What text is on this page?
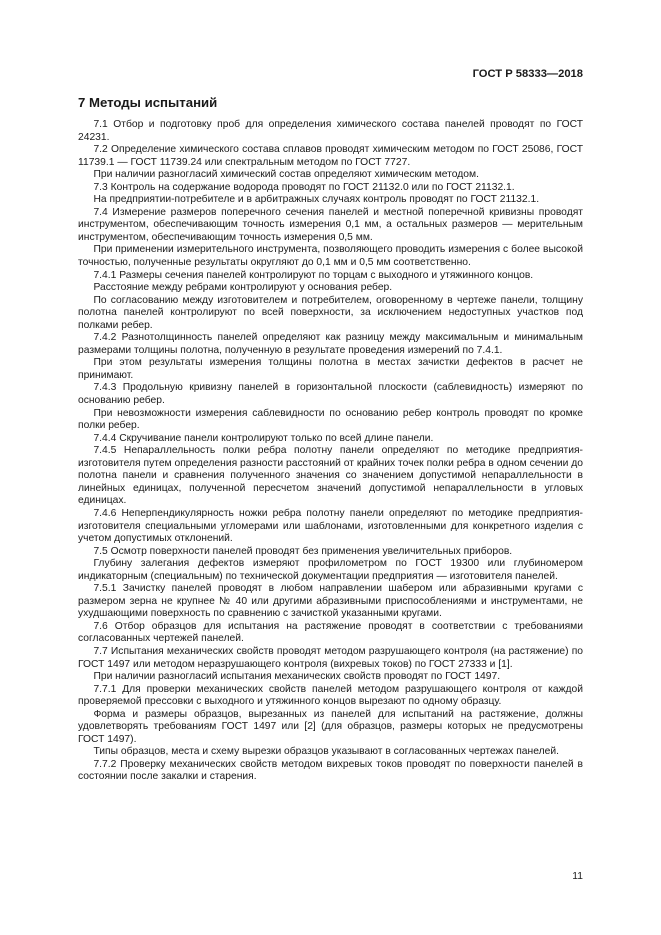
ГОСТ Р 58333—2018
7 Методы испытаний

7.1 Отбор и подготовку проб для определения химического состава панелей проводят по ГОСТ 24231.

7.2 Определение химического состава сплавов проводят химическим методом по ГОСТ 25086, ГОСТ 11739.1 — ГОСТ 11739.24 или спектральным методом по ГОСТ 7727.

При наличии разногласий химический состав определяют химическим методом.

7.3 Контроль на содержание водорода проводят по ГОСТ 21132.0 или по ГОСТ 21132.1.

На предприятии-потребителе и в арбитражных случаях контроль проводят по ГОСТ 21132.1.

7.4 Измерение размеров поперечного сечения панелей и местной поперечной кривизны проводят инструментом, обеспечивающим точность измерения 0,1 мм, а остальных размеров — мерительным инструментом, обеспечивающим точность измерения 0,5 мм.

При применении измерительного инструмента, позволяющего проводить измерения с более высокой точностью, полученные результаты округляют до 0,1 мм и 0,5 мм соответственно.

7.4.1 Размеры сечения панелей контролируют по торцам с выходного и утяжинного концов.

Расстояние между ребрами контролируют у основания ребер.

По согласованию между изготовителем и потребителем, оговоренному в чертеже панели, толщину полотна панелей контролируют по всей поверхности, за исключением недоступных участков под полками ребер.

7.4.2 Разнотолщинность панелей определяют как разницу между максимальным и минимальным размерами толщины полотна, полученную в результате проведения измерений по 7.4.1.

При этом результаты измерения толщины полотна в местах зачистки дефектов в расчет не принимают.

7.4.3 Продольную кривизну панелей в горизонтальной плоскости (саблевидность) измеряют по основанию ребер.

При невозможности измерения саблевидности по основанию ребер контроль проводят по кромке полки ребер.

7.4.4 Скручивание панели контролируют только по всей длине панели.

7.4.5 Непараллельность полки ребра полотну панели определяют по методике предприятия-изготовителя путем определения разности расстояний от крайних точек полки ребра в одном сечении до полотна панели и сравнения полученного значения со значением допустимой непараллельности в линейных единицах, полученной пересчетом значений допустимой непараллельности в угловых единицах.

7.4.6 Неперпендикулярность ножки ребра полотну панели определяют по методике предприятия-изготовителя специальными угломерами или шаблонами, изготовленными для конкретного изделия с учетом допустимых отклонений.

7.5 Осмотр поверхности панелей проводят без применения увеличительных приборов.

Глубину залегания дефектов измеряют профилометром по ГОСТ 19300 или глубиномером индикаторным (специальным) по технической документации предприятия — изготовителя панелей.

7.5.1 Зачистку панелей проводят в любом направлении шабером или абразивными кругами с размером зерна не крупнее № 40 или другими абразивными приспособлениями и инструментами, не ухудшающими поверхность по сравнению с зачисткой указанными кругами.

7.6 Отбор образцов для испытания на растяжение проводят в соответствии с требованиями согласованных чертежей панелей.

7.7 Испытания механических свойств проводят методом разрушающего контроля (на растяжение) по ГОСТ 1497 или методом неразрушающего контроля (вихревых токов) по ГОСТ 27333 и [1].

При наличии разногласий испытания механических свойств проводят по ГОСТ 1497.

7.7.1 Для проверки механических свойств панелей методом разрушающего контроля от каждой проверяемой прессовки с выходного и утяжинного концов вырезают по одному образцу.

Форма и размеры образцов, вырезанных из панелей для испытаний на растяжение, должны удовлетворять требованиям ГОСТ 1497 или [2] (для образцов, размеры которых не предусмотрены ГОСТ 1497).

Типы образцов, места и схему вырезки образцов указывают в согласованных чертежах панелей.

7.7.2 Проверку механических свойств методом вихревых токов проводят по поверхности панелей в состоянии после закалки и старения.

11
